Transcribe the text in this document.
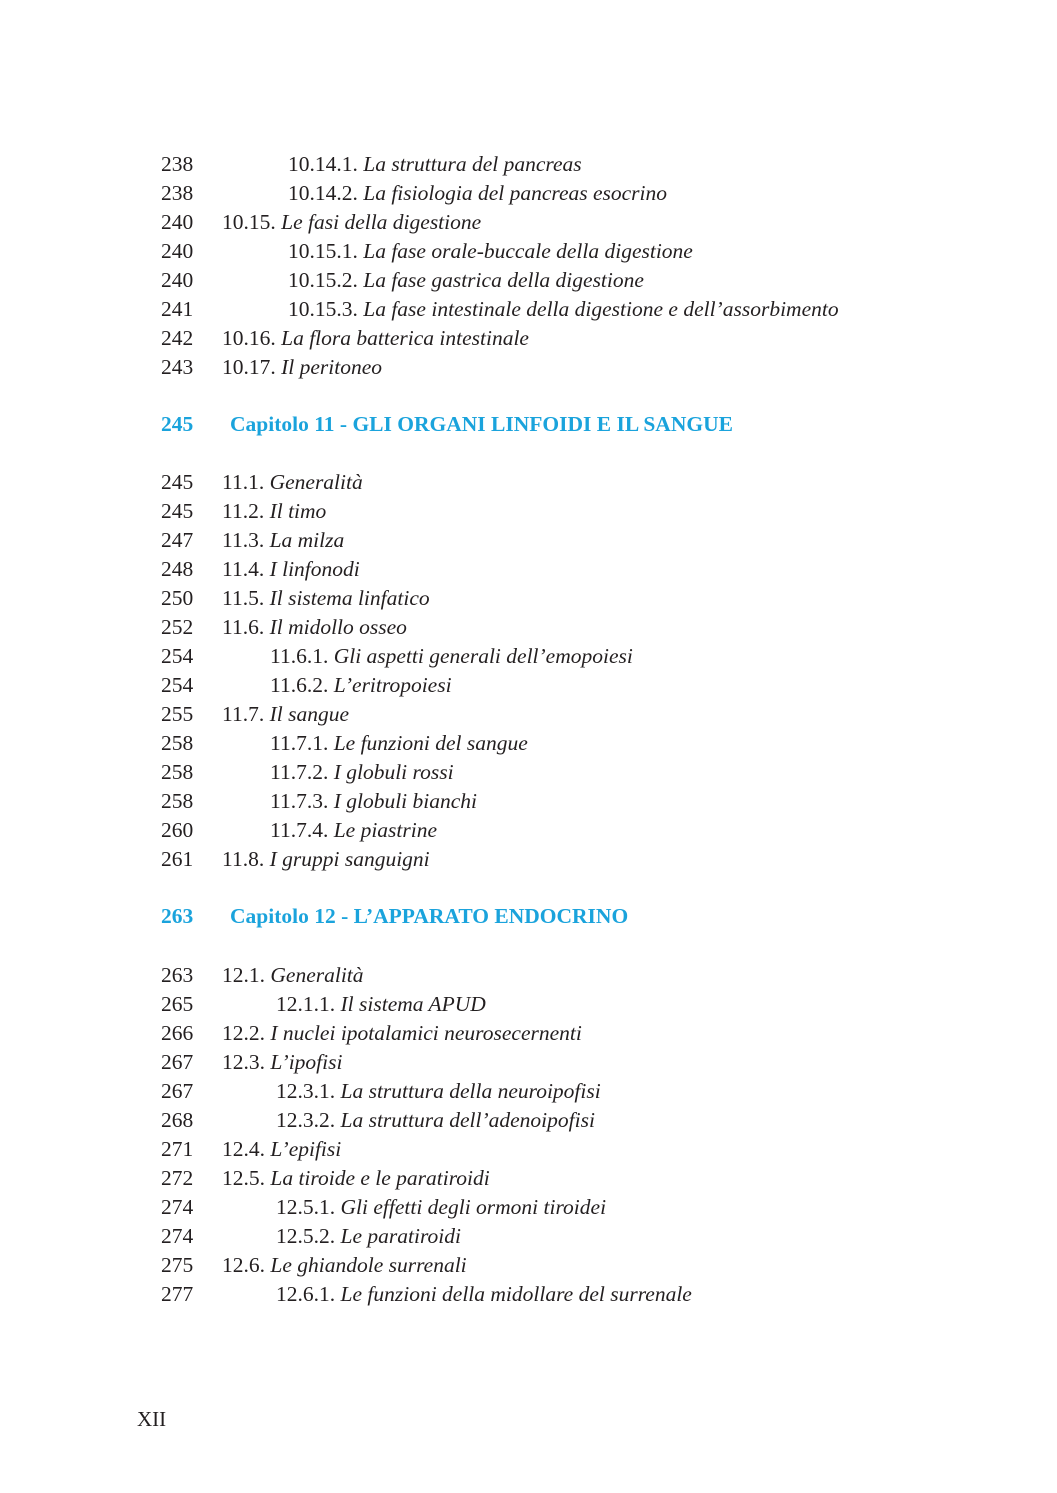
238	10.14.1. La struttura del pancreas
238	10.14.2. La fisiologia del pancreas esocrino
240 10.15. Le fasi della digestione
240	10.15.1. La fase orale-buccale della digestione
240	10.15.2. La fase gastrica della digestione
241	10.15.3. La fase intestinale della digestione e dell’assorbimento
242 10.16. La flora batterica intestinale
243 10.17. Il peritoneo
245 Capitolo 11 - GLI ORGANI LINFOIDI E IL SANGUE
245 11.1. Generalità
245 11.2. Il timo
247 11.3. La milza
248 11.4. I linfonodi
250 11.5. Il sistema linfatico
252 11.6. Il midollo osseo
254	11.6.1. Gli aspetti generali dell’emopoiesi
254	11.6.2. L’eritropoiesi
255 11.7. Il sangue
258	11.7.1. Le funzioni del sangue
258	11.7.2. I globuli rossi
258	11.7.3. I globuli bianchi
260	11.7.4. Le piastrine
261 11.8. I gruppi sanguigni
263 Capitolo 12 - L’APPARATO ENDOCRINO
263 12.1. Generalità
265	12.1.1. Il sistema APUD
266 12.2. I nuclei ipotalamici neurosecernenti
267 12.3. L’ipofisi
267	12.3.1. La struttura della neuroipofisi
268	12.3.2. La struttura dell’adenoipofisi
271 12.4. L’epifisi
272 12.5. La tiroide e le paratiroidi
274	12.5.1. Gli effetti degli ormoni tiroidei
274	12.5.2. Le paratiroidi
275 12.6. Le ghiandole surrenali
277	12.6.1. Le funzioni della midollare del surrenale
XII
